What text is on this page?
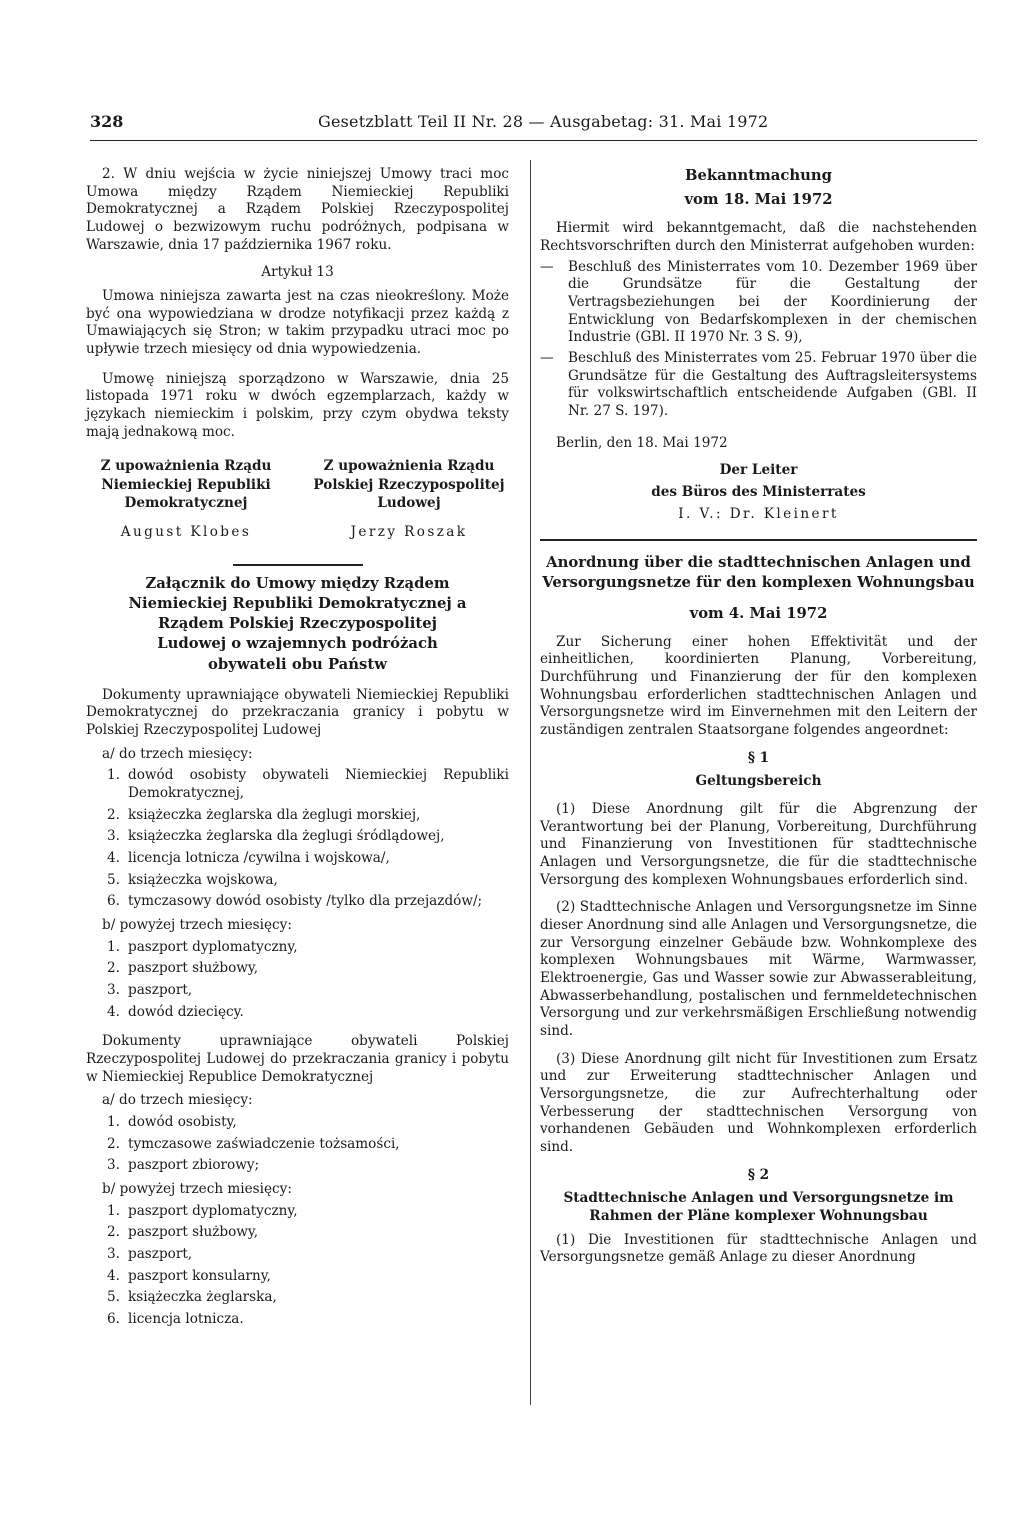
328	Gesetzblatt Teil II Nr. 28 — Ausgabetag: 31. Mai 1972

2. W dniu wejścia w życie niniejszej Umowy traci moc Umowa między Rządem Niemieckiej Republiki Demokratycznej a Rządem Polskiej Rzeczypospolitej Ludowej o bezwizowym ruchu podróżnych, podpisana w Warszawie, dnia 17 października 1967 roku.

Artykuł 13

Umowa niniejsza zawarta jest na czas nieokreślony. Może być ona wypowiedziana w drodze notyfikacji przez każdą z Umawiających się Stron; w takim przypadku utraci moc po upływie trzech miesięcy od dnia wypowiedzenia.

Umowę niniejszą sporządzono w Warszawie, dnia 25 listopada 1971 roku w dwóch egzemplarzach, każdy w językach niemieckim i polskim, przy czym obydwa teksty mają jednakową moc.

Z upoważnienia Rządu Niemieckiej Republiki Demokratycznej
August Klobes
Z upoważnienia Rządu Polskiej Rzeczypospolitej Ludowej
Jerzy Roszak

Załącznik do Umowy między Rządem Niemieckiej Republiki Demokratycznej a Rządem Polskiej Rzeczypospolitej Ludowej o wzajemnych podróżach obywateli obu Państw

Dokumenty uprawniające obywateli Niemieckiej Republiki Demokratycznej do przekraczania granicy i pobytu w Polskiej Rzeczypospolitej Ludowej

a/ do trzech miesięcy:
1. dowód osobisty obywateli Niemieckiej Republiki Demokratycznej,
2. książeczka żeglarska dla żeglugi morskiej,
3. książeczka żeglarska dla żeglugi śródlądowej,
4. licencja lotnicza /cywilna i wojskowa/,
5. książeczka wojskowa,
6. tymczasowy dowód osobisty /tylko dla przejazdów/;
b/ powyżej trzech miesięcy:
1. paszport dyplomatyczny,
2. paszport służbowy,
3. paszport,
4. dowód dziecięcy.

Dokumenty uprawniające obywateli Polskiej Rzeczypospolitej Ludowej do przekraczania granicy i pobytu w Niemieckiej Republice Demokratycznej

a/ do trzech miesięcy:
1. dowód osobisty,
2. tymczasowe zaświadczenie tożsamości,
3. paszport zbiorowy;
b/ powyżej trzech miesięcy:
1. paszport dyplomatyczny,
2. paszport służbowy,
3. paszport,
4. paszport konsularny,
5. książeczka żeglarska,
6. licencja lotnicza.

Bekanntmachung

vom 18. Mai 1972

Hiermit wird bekanntgemacht, daß die nachstehenden Rechtsvorschriften durch den Ministerrat aufgehoben wurden:

—	Beschluß des Ministerrates vom 10. Dezember 1969 über die Grundsätze für die Gestaltung der Vertragsbeziehungen bei der Koordinierung der Entwicklung von Bedarfskomplexen in der chemischen Industrie (GBl. II 1970 Nr. 3 S. 9),
—	Beschluß des Ministerrates vom 25. Februar 1970 über die Grundsätze für die Gestaltung des Auftragsleitersystems für volkswirtschaftlich entscheidende Aufgaben (GBl. II Nr. 27 S. 197).

Berlin, den 18. Mai 1972

Der Leiter

des Büros des Ministerrates

I. V.: Dr. Kleinert

Anordnung über die stadttechnischen Anlagen und Versorgungsnetze für den komplexen Wohnungsbau

vom 4. Mai 1972

Zur Sicherung einer hohen Effektivität und der einheitlichen, koordinierten Planung, Vorbereitung, Durchführung und Finanzierung der für den komplexen Wohnungsbau erforderlichen stadttechnischen Anlagen und Versorgungsnetze wird im Einvernehmen mit den Leitern der zuständigen zentralen Staatsorgane folgendes angeordnet:

§ 1

Geltungsbereich

(1) Diese Anordnung gilt für die Abgrenzung der Verantwortung bei der Planung, Vorbereitung, Durchführung und Finanzierung von Investitionen für stadttechnische Anlagen und Versorgungsnetze, die für die stadttechnische Versorgung des komplexen Wohnungsbaues erforderlich sind.

(2) Stadttechnische Anlagen und Versorgungsnetze im Sinne dieser Anordnung sind alle Anlagen und Versorgungsnetze, die zur Versorgung einzelner Gebäude bzw. Wohnkomplexe des komplexen Wohnungsbaues mit Wärme, Warmwasser, Elektroenergie, Gas und Wasser sowie zur Abwasserableitung, Abwasserbehandlung, postalischen und fernmeldetechnischen Versorgung und zur verkehrsmäßigen Erschließung notwendig sind.

(3) Diese Anordnung gilt nicht für Investitionen zum Ersatz und zur Erweiterung stadttechnischer Anlagen und Versorgungsnetze, die zur Aufrechterhaltung oder Verbesserung der stadttechnischen Versorgung von vorhandenen Gebäuden und Wohnkomplexen erforderlich sind.

§ 2

Stadttechnische Anlagen und Versorgungsnetze im Rahmen der Pläne komplexer Wohnungsbau

(1) Die Investitionen für stadttechnische Anlagen und Versorgungsnetze gemäß Anlage zu dieser Anordnung
